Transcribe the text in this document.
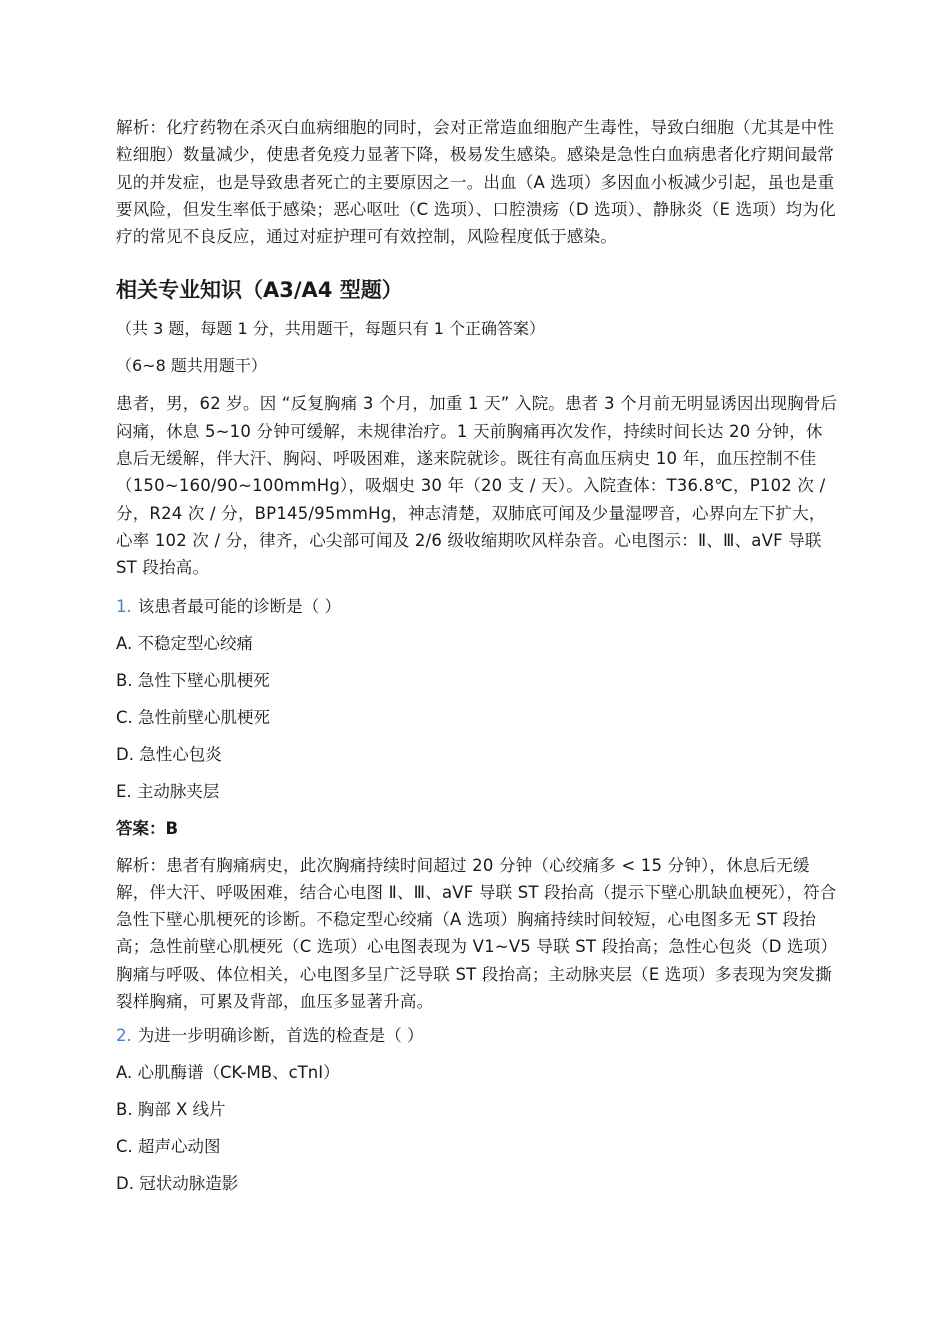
解析：化疗药物在杀灭白血病细胞的同时，会对正常造血细胞产生毒性，导致白细胞（尤其是中性粒细胞）数量减少，使患者免疫力显著下降，极易发生感染。感染是急性白血病患者化疗期间最常见的并发症，也是导致患者死亡的主要原因之一。出血（A 选项）多因血小板减少引起，虽也是重要风险，但发生率低于感染；恶心呕吐（C 选项）、口腔溃疡（D 选项）、静脉炎（E 选项）均为化疗的常见不良反应，通过对症护理可有效控制，风险程度低于感染。

相关专业知识（A3/A4 型题）

（共 3 题，每题 1 分，共用题干，每题只有 1 个正确答案）

（6~8 题共用题干）

患者，男，62 岁。因 “反复胸痛 3 个月，加重 1 天” 入院。患者 3 个月前无明显诱因出现胸骨后闷痛，休息 5~10 分钟可缓解，未规律治疗。1 天前胸痛再次发作，持续时间长达 20 分钟，休息后无缓解，伴大汗、胸闷、呼吸困难，遂来院就诊。既往有高血压病史 10 年，血压控制不佳（150~160/90~100mmHg），吸烟史 30 年（20 支 / 天）。入院查体：T36.8℃，P102 次 / 分，R24 次 / 分，BP145/95mmHg，神志清楚，双肺底可闻及少量湿啰音，心界向左下扩大，心率 102 次 / 分，律齐，心尖部可闻及 2/6 级收缩期吹风样杂音。心电图示：Ⅱ、Ⅲ、aVF 导联 ST 段抬高。

1. 该患者最可能的诊断是（ ）

A. 不稳定型心绞痛

B. 急性下壁心肌梗死

C. 急性前壁心肌梗死

D. 急性心包炎

E. 主动脉夹层

答案：B

解析：患者有胸痛病史，此次胸痛持续时间超过 20 分钟（心绞痛多 < 15 分钟），休息后无缓解，伴大汗、呼吸困难，结合心电图 Ⅱ、Ⅲ、aVF 导联 ST 段抬高（提示下壁心肌缺血梗死），符合急性下壁心肌梗死的诊断。不稳定型心绞痛（A 选项）胸痛持续时间较短，心电图多无 ST 段抬高；急性前壁心肌梗死（C 选项）心电图表现为 V1~V5 导联 ST 段抬高；急性心包炎（D 选项）胸痛与呼吸、体位相关，心电图多呈广泛导联 ST 段抬高；主动脉夹层（E 选项）多表现为突发撕裂样胸痛，可累及背部，血压多显著升高。

2. 为进一步明确诊断，首选的检查是（ ）

A. 心肌酶谱（CK-MB、cTnI）

B. 胸部 X 线片

C. 超声心动图

D. 冠状动脉造影
